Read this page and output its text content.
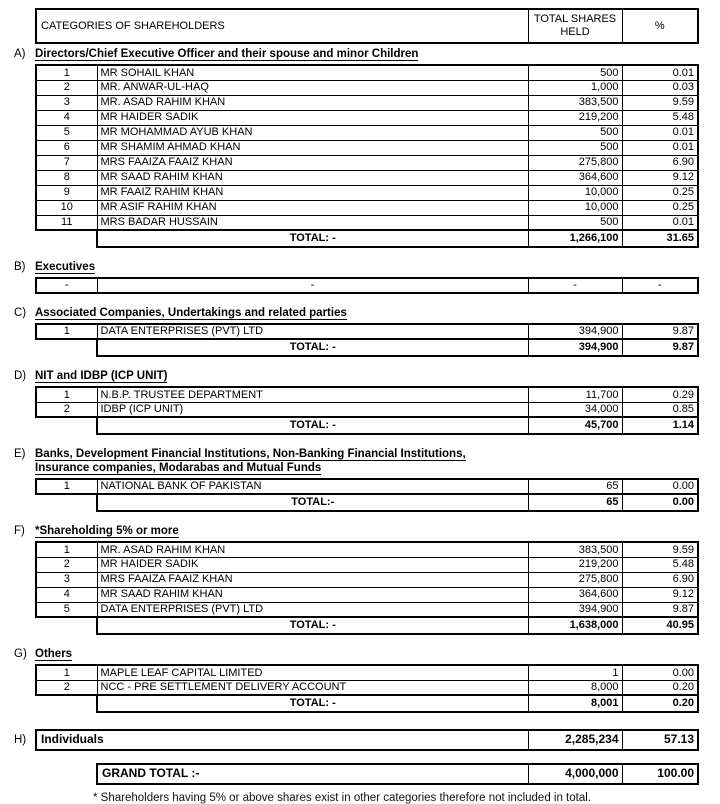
CATEGORIES OF SHAREHOLDERS	TOTAL SHARES HELD	%
A) Directors/Chief Executive Officer and their spouse and minor Children
1	MR SOHAIL KHAN	500	0.01
2	MR. ANWAR-UL-HAQ	1,000	0.03
3	MR. ASAD RAHIM KHAN	383,500	9.59
4	MR HAIDER SADIK	219,200	5.48
5	MR MOHAMMAD AYUB KHAN	500	0.01
6	MR SHAMIM AHMAD KHAN	500	0.01
7	MRS FAAIZA FAAIZ KHAN	275,800	6.90
8	MR SAAD RAHIM KHAN	364,600	9.12
9	MR FAAIZ RAHIM KHAN	10,000	0.25
10	MR ASIF RAHIM KHAN	10,000	0.25
11	MRS BADAR HUSSAIN	500	0.01
TOTAL: -	1,266,100	31.65
B) Executives
-	-	-	-
C) Associated Companies, Undertakings and related parties
1	DATA ENTERPRISES (PVT) LTD	394,900	9.87
TOTAL: -	394,900	9.87
D) NIT and IDBP (ICP UNIT)
1	N.B.P. TRUSTEE DEPARTMENT	11,700	0.29
2	IDBP (ICP UNIT)	34,000	0.85
TOTAL: -	45,700	1.14
E) Banks, Development Financial Institutions, Non-Banking Financial Institutions,
Insurance companies, Modarabas and Mutual Funds
1	NATIONAL BANK OF PAKISTAN	65	0.00
TOTAL:-	65	0.00
F) *Shareholding 5% or more
1	MR. ASAD RAHIM KHAN	383,500	9.59
2	MR HAIDER SADIK	219,200	5.48
3	MRS FAAIZA FAAIZ KHAN	275,800	6.90
4	MR SAAD RAHIM KHAN	364,600	9.12
5	DATA ENTERPRISES (PVT) LTD	394,900	9.87
TOTAL: -	1,638,000	40.95
G) Others
1	MAPLE LEAF CAPITAL LIMITED	1	0.00
2	NCC - PRE SETTLEMENT DELIVERY ACCOUNT	8,000	0.20
TOTAL: -	8,001	0.20
H)	Individuals	2,285,234	57.13
GRAND TOTAL :-	4,000,000	100.00
* Shareholders having 5% or above shares exist in other categories therefore not included in total.
